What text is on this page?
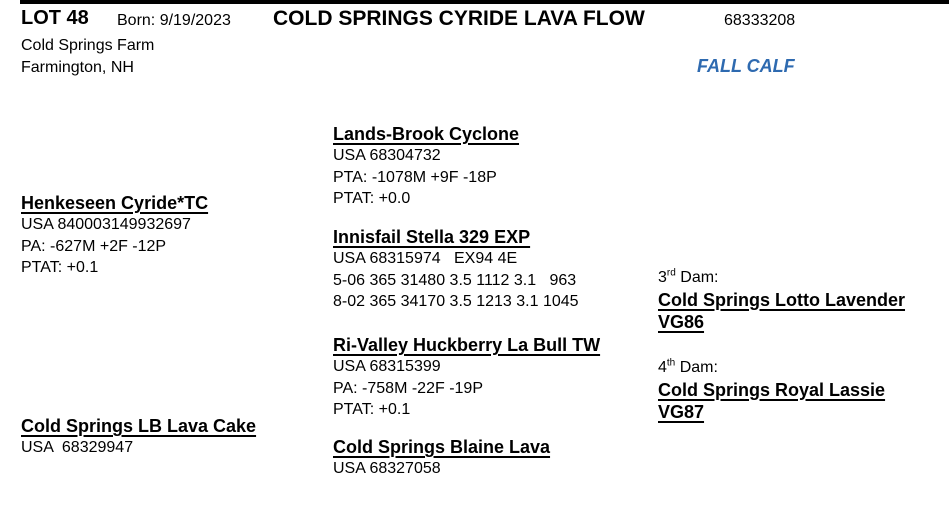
LOT 48 Born: 9/19/2023 COLD SPRINGS CYRIDE LAVA FLOW	68333208
Cold Springs Farm
Farmington, NH	FALL CALF
Henkeseen Cyride*TC
USA 840003149932697
PA: -627M +2F -12P
PTAT: +0.1
Lands-Brook Cyclone
USA 68304732
PTA: -1078M +9F -18P
PTAT: +0.0
Innisfail Stella 329 EXP
USA 68315974   EX94 4E
5-06 365 31480 3.5 1112 3.1   963
8-02 365 34170 3.5 1213 3.1 1045
Cold Springs LB Lava Cake
USA  68329947
Ri-Valley Huckberry La Bull TW
USA 68315399
PA: -758M -22F -19P
PTAT: +0.1
Cold Springs Blaine Lava
USA 68327058
3rd Dam:
Cold Springs Lotto Lavender
VG86
4th Dam:
Cold Springs Royal Lassie
VG87
